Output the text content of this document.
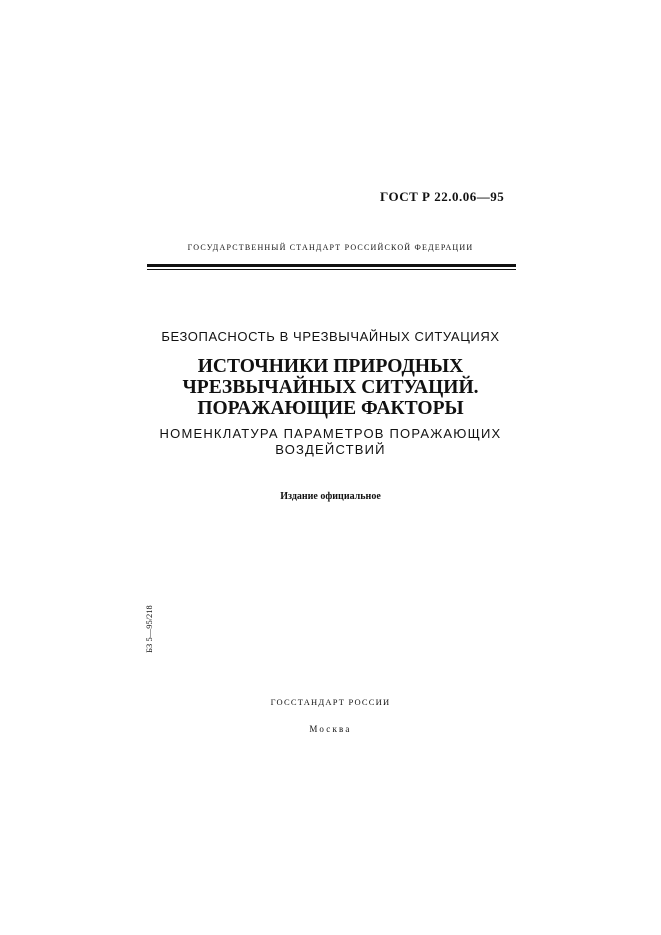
ГОСТ Р 22.0.06—95
ГОСУДАРСТВЕННЫЙ СТАНДАРТ РОССИЙСКОЙ ФЕДЕРАЦИИ
БЕЗОПАСНОСТЬ В ЧРЕЗВЫЧАЙНЫХ СИТУАЦИЯХ
ИСТОЧНИКИ ПРИРОДНЫХ
ЧРЕЗВЫЧАЙНЫХ СИТУАЦИЙ.
ПОРАЖАЮЩИЕ ФАКТОРЫ
НОМЕНКЛАТУРА ПАРАМЕТРОВ ПОРАЖАЮЩИХ
ВОЗДЕЙСТВИЙ
Издание официальное
БЗ 5—95/218
ГОССТАНДАРТ РОССИИ
Москва
